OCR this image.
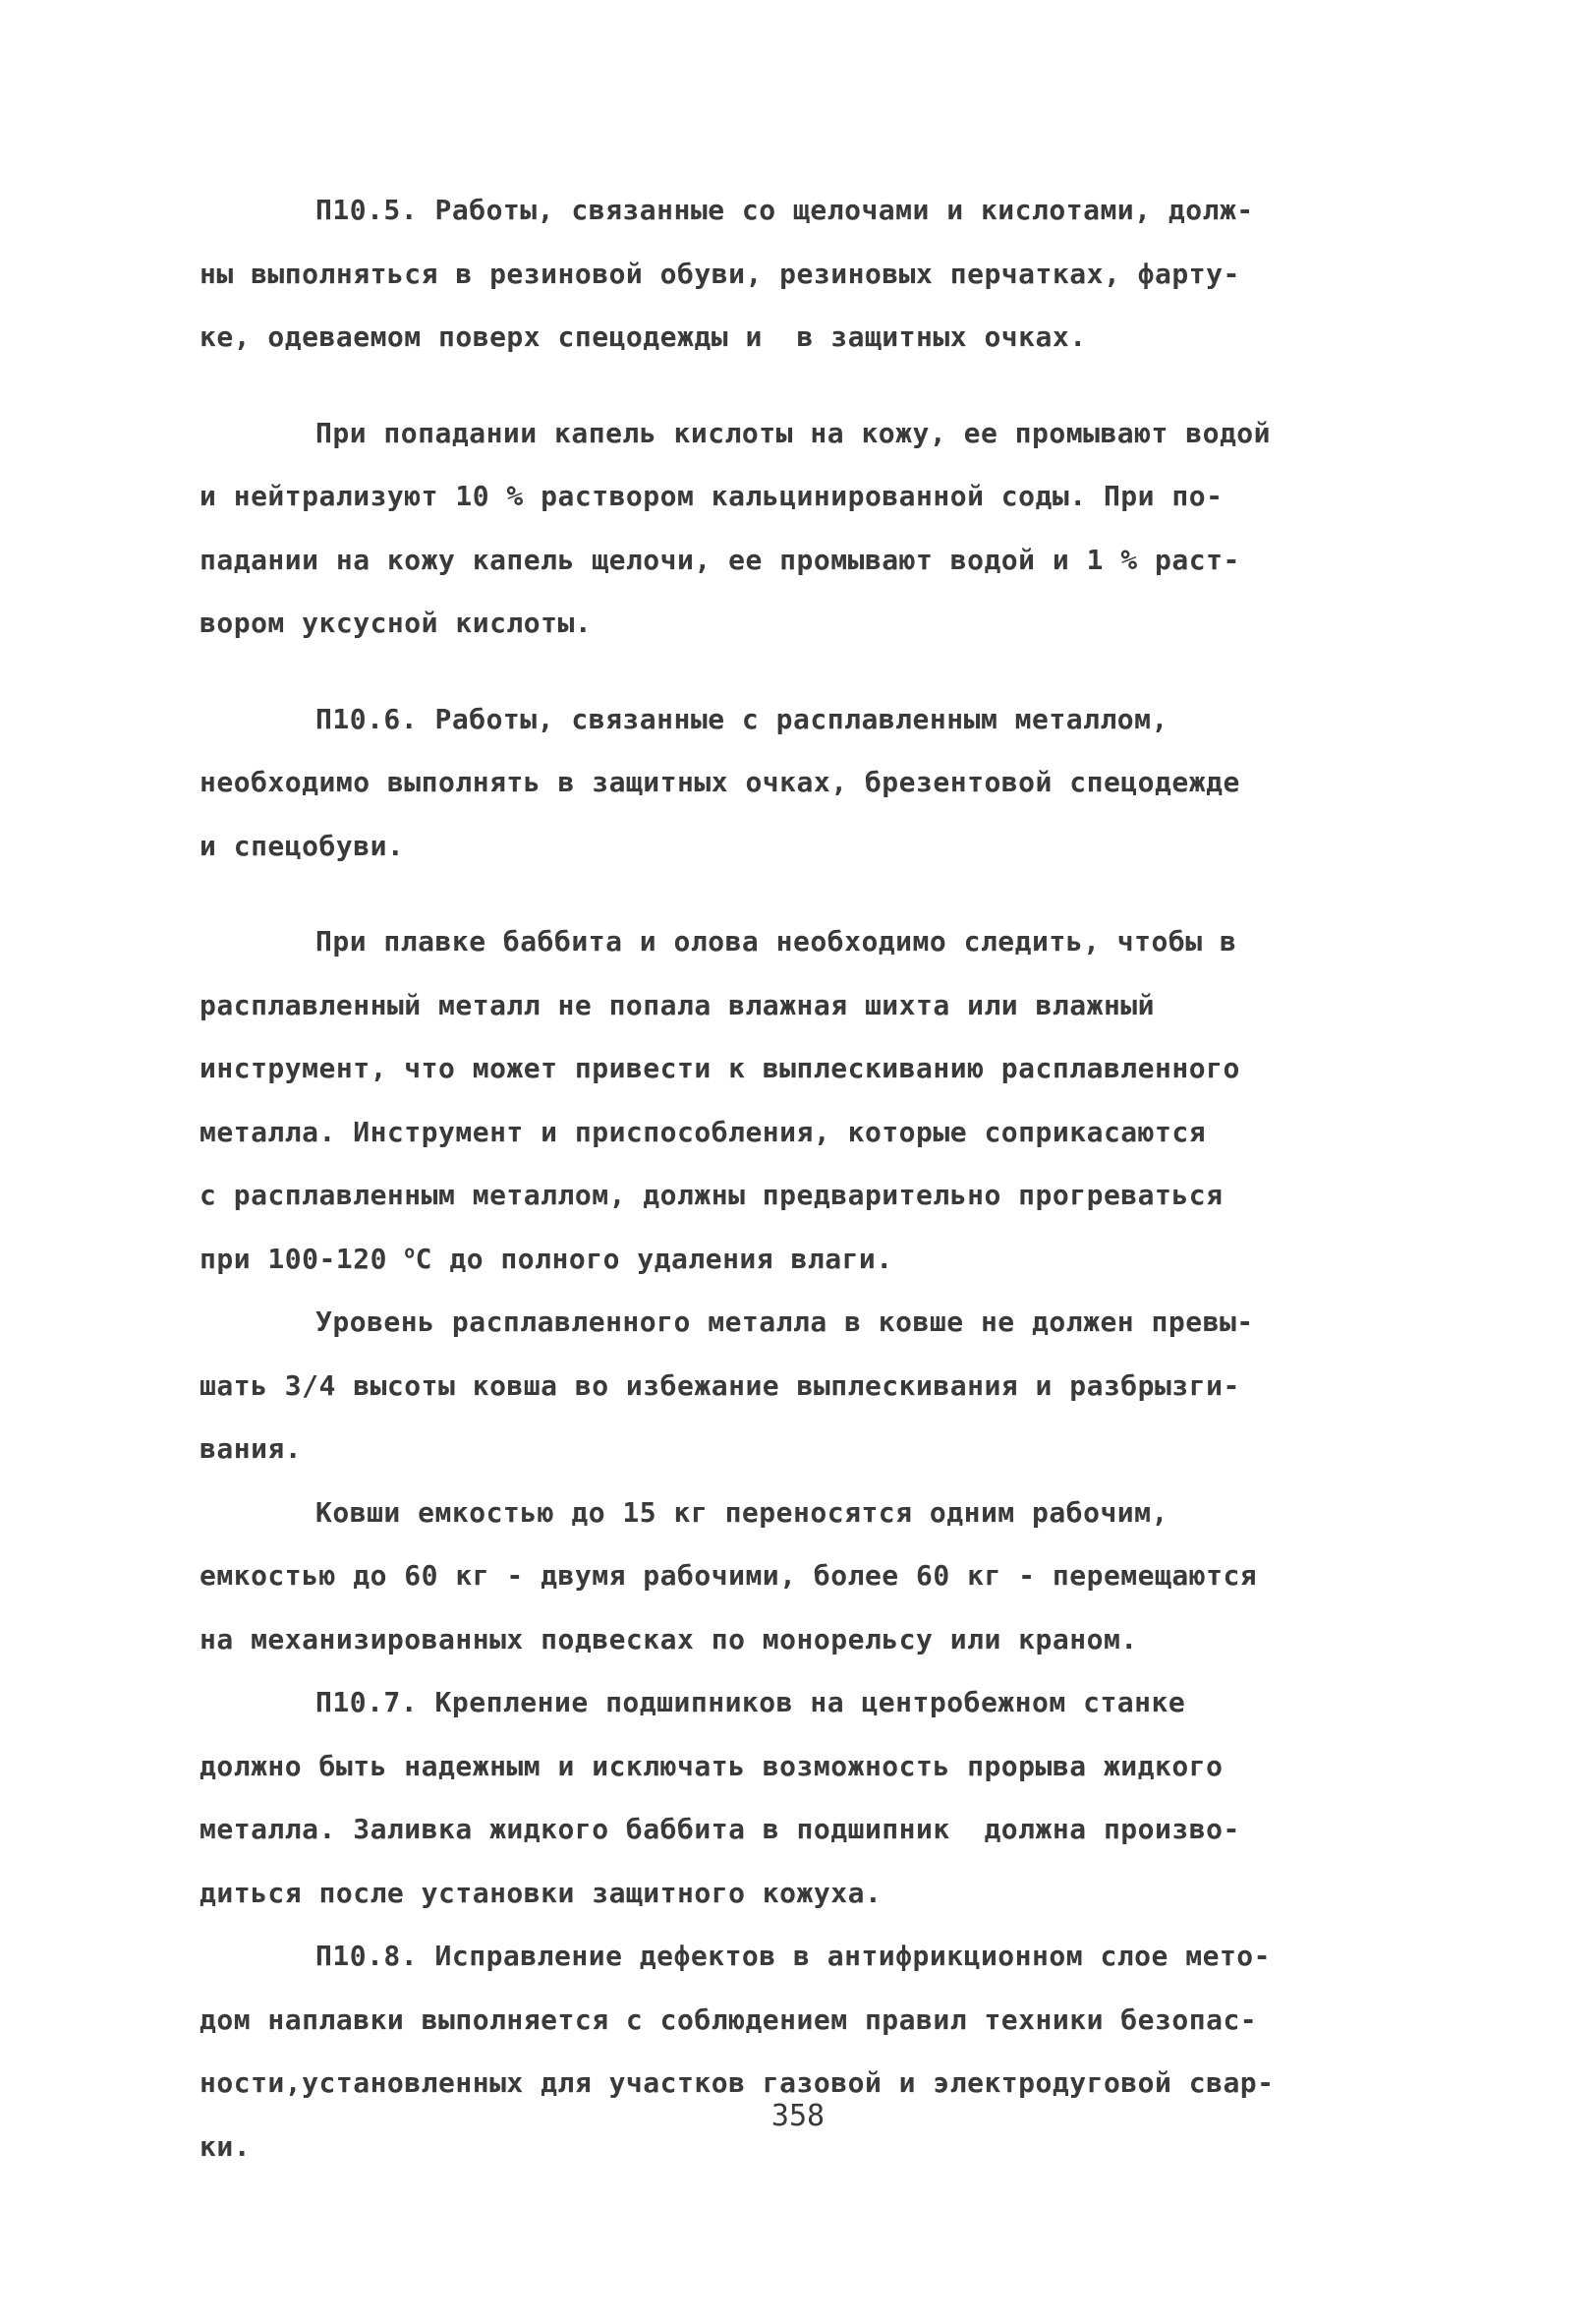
П10.5. Работы, связанные со щелочами и кислотами, долж-
ны выполняться в резиновой обуви, резиновых перчатках, фарту-
ке, одеваемом поверх спецодежды и  в защитных очках.
При попадании капель кислоты на кожу, ее промывают водой
и нейтрализуют 10 % раствором кальцинированной соды. При по-
падании на кожу капель щелочи, ее промывают водой и 1 % раст-
вором уксусной кислоты.
П10.6. Работы, связанные с расплавленным металлом,
необходимо выполнять в защитных очках, брезентовой спецодежде
и спецобуви.
При плавке баббита и олова необходимо следить, чтобы в
расплавленный металл не попала влажная шихта или влажный
инструмент, что может привести к выплескиванию расплавленного
металла. Инструмент и приспособления, которые соприкасаются
с расплавленным металлом, должны предварительно прогреваться
при 100-120 $^о$С до полного удаления влаги.
Уровень расплавленного металла в ковше не должен превы-
шать 3/4 высоты ковша во избежание выплескивания и разбрызги-
вания.
Ковши емкостью до 15 кг переносятся одним рабочим,
емкостью до 60 кг - двумя рабочими, более 60 кг - перемещаются
на механизированных подвесках по монорельсу или краном.
П10.7. Крепление подшипников на центробежном станке
должно быть надежным и исключать возможность прорыва жидкого
металла. Заливка жидкого баббита в подшипник  должна произво-
диться после установки защитного кожуха.
П10.8. Исправление дефектов в антифрикционном слое мето-
дом наплавки выполняется с соблюдением правил техники безопас-
ности,установленных для участков газовой и электродуговой свар-
ки.
358
